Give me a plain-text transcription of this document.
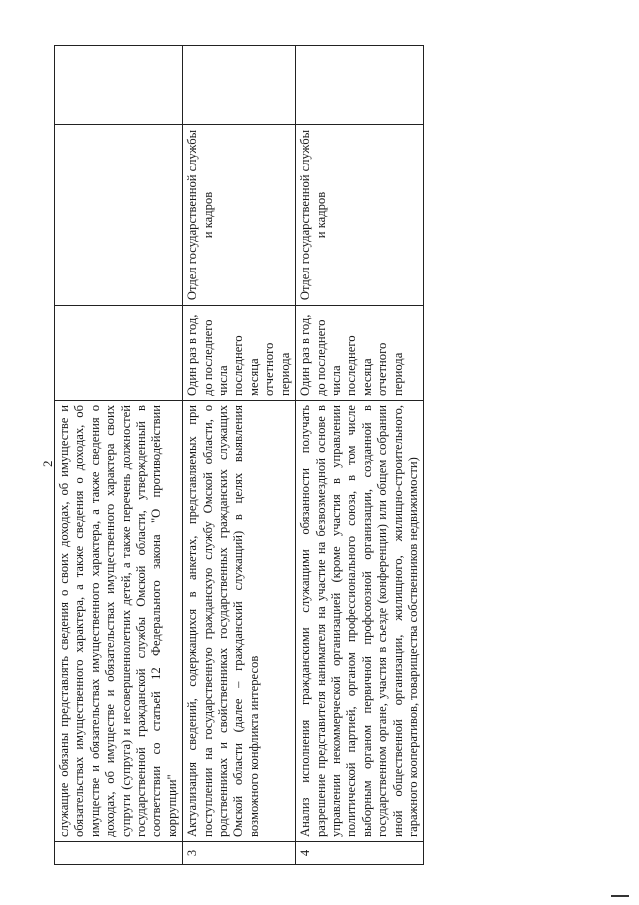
2
	служащие обязаны представлять сведения о своих доходах, об имуществе и обязательствах имущественного характера, а также сведения о доходах, об имуществе и обязательствах имущественного характера, а также сведения о доходах, об имуществе и обязательствах имущественного характера своих супруги (супруга) и несовершеннолетних детей, а также перечень должностей государственной гражданской службы Омской области, утвержденный в соответствии со статьей 12 Федерального закона "О противодействии коррупции"			
3	Актуализация сведений, содержащихся в анкетах, представляемых при поступлении на государственную гражданскую службу Омской области, о родственниках и свойственниках государственных гражданских служащих Омской области (далее – гражданский служащий) в целях выявления возможного конфликта интересов	Один раз в год, до последнего числа последнего месяца отчетного периода	Отдел государственной службы и кадров	
4	Анализ исполнения гражданскими служащими обязанности получать разрешение представителя нанимателя на участие на безвозмездной основе в управлении некоммерческой организацией (кроме участия в управлении политической партией, органом профессионального союза, в том числе выборным органом первичной профсоюзной организации, созданной в государственном органе, участия в съезде (конференции) или общем собрании иной общественной организации, жилищного, жилищно-строительного, гаражного кооперативов, товарищества собственников недвижимости)	Один раз в год, до последнего числа последнего месяца отчетного периода	Отдел государственной службы и кадров	
